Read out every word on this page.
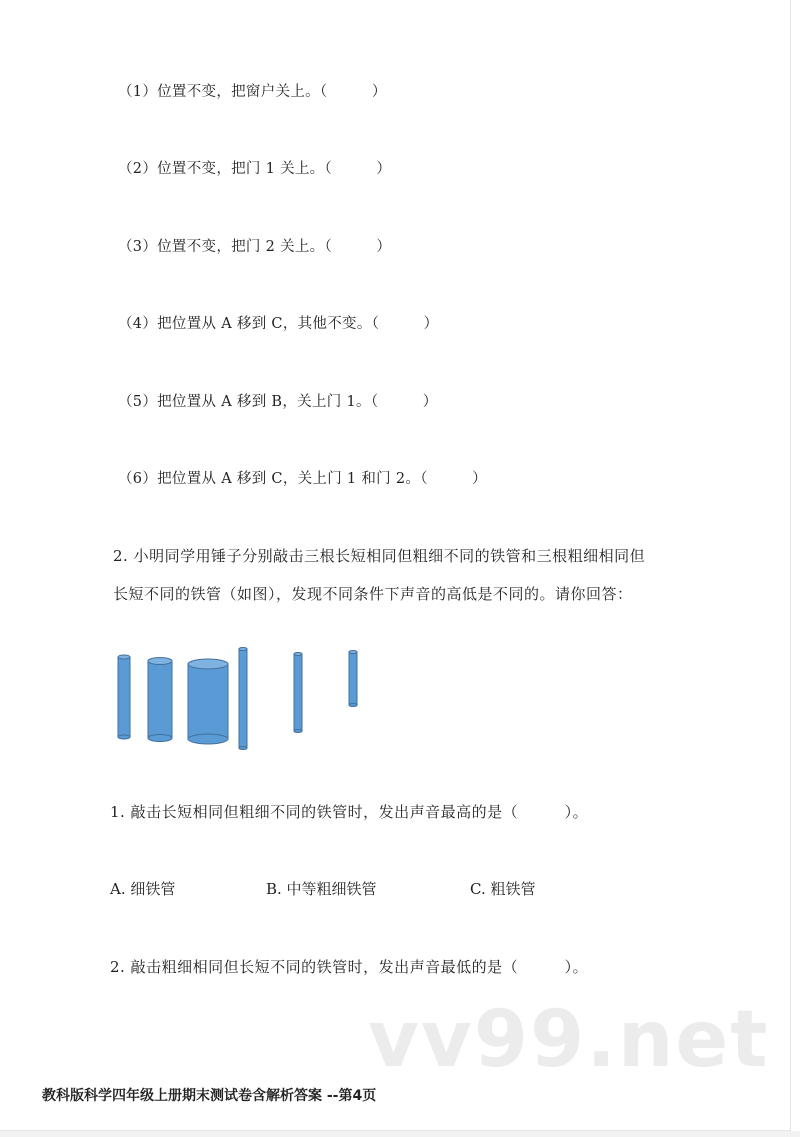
（1）位置不变，把窗户关上。（　　　）
（2）位置不变，把门 1 关上。（　　　）
（3）位置不变，把门 2 关上。（　　　）
（4）把位置从 A 移到 C，其他不变。（　　　）
（5）把位置从 A 移到 B，关上门 1。（　　　）
（6）把位置从 A 移到 C，关上门 1 和门 2。（　　　）
2. 小明同学用锤子分别敲击三根长短相同但粗细不同的铁管和三根粗细相同但
长短不同的铁管（如图），发现不同条件下声音的高低是不同的。请你回答：
1. 敲击长短相同但粗细不同的铁管时，发出声音最高的是（　　　）。
A. 细铁管	B. 中等粗细铁管	C. 粗铁管
2. 敲击粗细相同但长短不同的铁管时，发出声音最低的是（　　　）。
vv99.net
教科版科学四年级上册期末测试卷含解析答案 --第4页
